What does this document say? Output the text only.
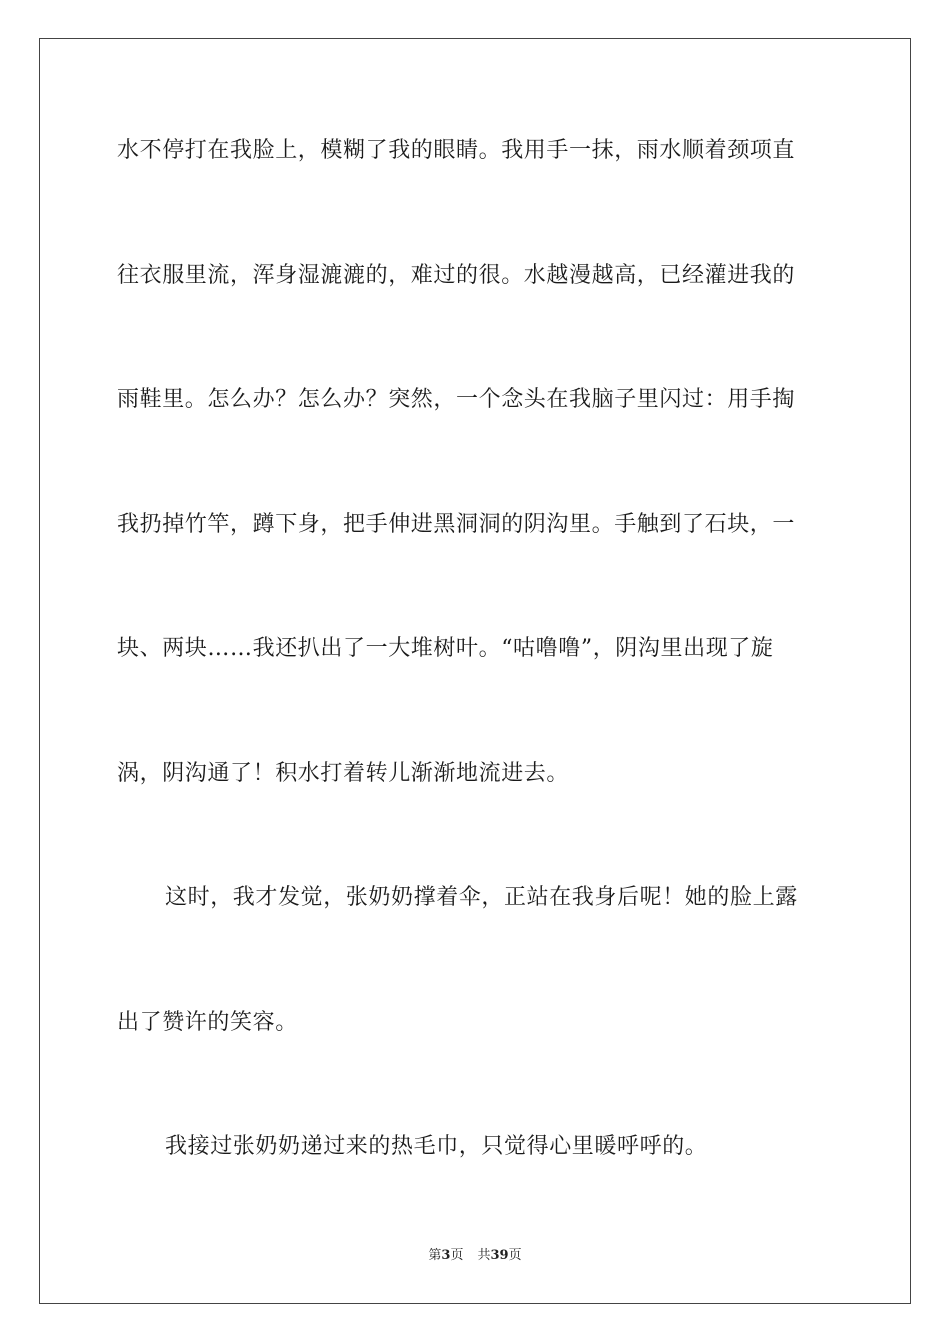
水不停打在我脸上，模糊了我的眼睛。我用手一抹，雨水顺着颈项直
往衣服里流，浑身湿漉漉的，难过的很。水越漫越高，已经灌进我的
雨鞋里。怎么办？怎么办？突然，一个念头在我脑子里闪过：用手掏
我扔掉竹竿，蹲下身，把手伸进黑洞洞的阴沟里。手触到了石块，一
块、两块……我还扒出了一大堆树叶。“咕噜噜”，阴沟里出现了旋
涡，阴沟通了！积水打着转儿渐渐地流进去。
这时，我才发觉，张奶奶撑着伞，正站在我身后呢！她的脸上露
出了赞许的笑容。
我接过张奶奶递过来的热毛巾，只觉得心里暖呼呼的。
第3页 共39页
